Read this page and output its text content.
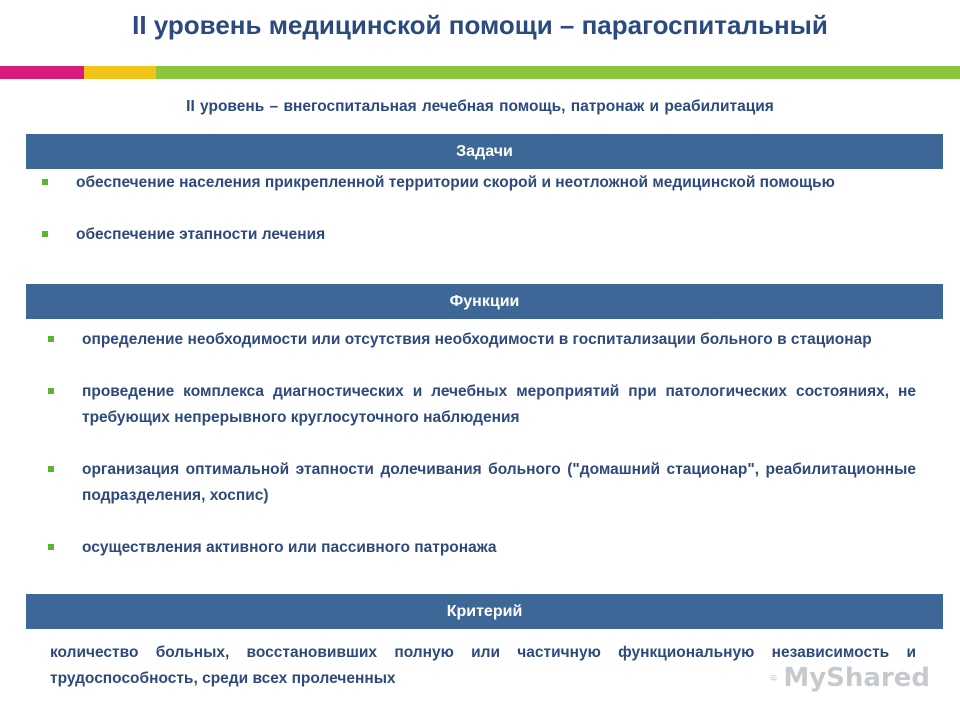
II уровень медицинской помощи – парагоспитальный
II уровень – внегоспитальная лечебная помощь, патронаж и реабилитация
Задачи
обеспечение населения прикрепленной территории скорой и неотложной медицинской помощью
обеспечение этапности лечения
Функции
определение необходимости или отсутствия необходимости в госпитализации больного в стационар
проведение комплекса диагностических и лечебных мероприятий при патологических состояниях, не требующих непрерывного круглосуточного наблюдения
организация оптимальной этапности долечивания больного ("домашний стационар", реабилитационные подразделения, хоспис)
осуществления активного или пассивного патронажа
Критерий
количество больных, восстановивших полную или частичную функциональную независимость и трудоспособность, среди всех пролеченных	MyShared
